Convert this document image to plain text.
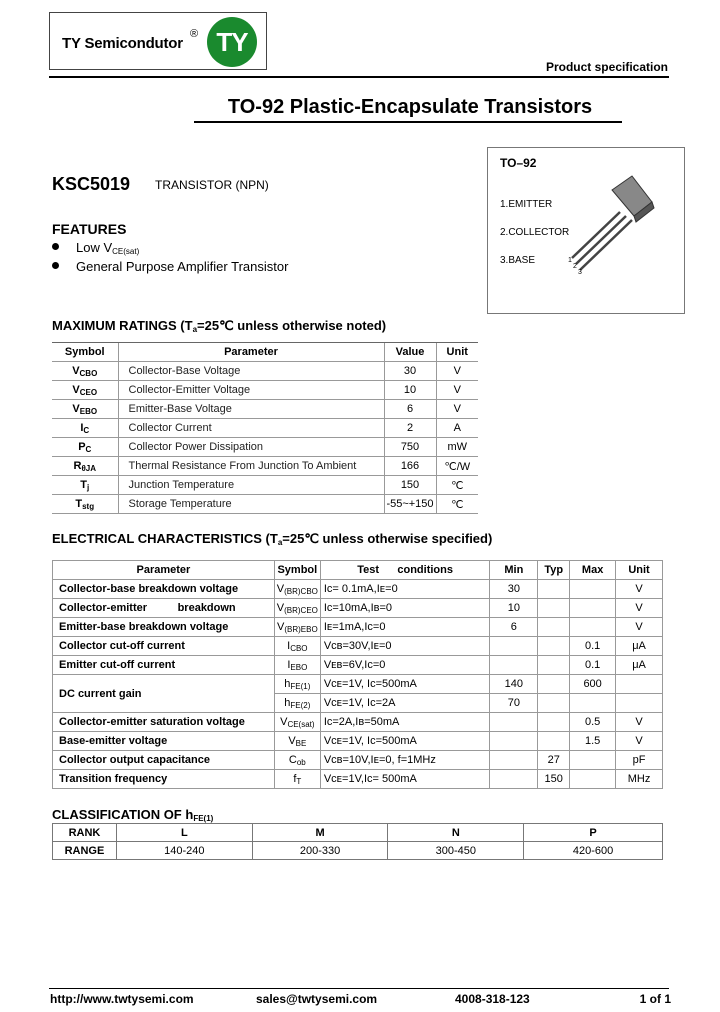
TY Semicondutor
® TY
Product specification
TO-92 Plastic-Encapsulate Transistors
KSC5019 TRANSISTOR (NPN)
FEATURES
Low $V_{CE(sat)}$
General Purpose Amplifier Transistor
TO–92
1.EMITTER
2.COLLECTOR
3.BASE	1
2
3
MAXIMUM RATINGS ($T_a=25℃$ unless otherwise noted)
Symbol	Parameter	Value	Unit
$V_{CBO}$	Collector-Base Voltage	30	V
$V_{CEO}$	Collector-Emitter Voltage	10	V
$V_{EBO}$	Emitter-Base Voltage	6	V
$I_C$	Collector Current	2	A
$P_C$	Collector Power Dissipation	750	mW
$R_{\theta JA}$	Thermal Resistance From Junction To Ambient	166	℃/W
$T_j$	Junction Temperature	150	℃
$T_{stg}$	Storage Temperature	-55~+150	℃
ELECTRICAL CHARACTERISTICS ($T_a=25℃$ unless otherwise specified)
Parameter	Symbol	Test      conditions	Min	Typ	Max	Unit
Collector-base breakdown voltage	$V_{(BR)CBO}$	Iᴄ= 0.1mA,Iᴇ=0	30			V
Collector-emitter          breakdown	$V_{(BR)CEO}$	Iᴄ=10mA,Iʙ=0	10			V
Emitter-base breakdown voltage	$V_{(BR)EBO}$	Iᴇ=1mA,Iᴄ=0	6			V
Collector cut-off current	$I_{CBO}$	Vᴄʙ=30V,Iᴇ=0			0.1	μA
Emitter cut-off current	$I_{EBO}$	Vᴇʙ=6V,Iᴄ=0			0.1	μA
DC current gain	$h_{FE(1)}$	Vᴄᴇ=1V, Iᴄ=500mA	140		600	
	$h_{FE(2)}$	Vᴄᴇ=1V, Iᴄ=2A	70			
Collector-emitter saturation voltage	$V_{CE(sat)}$	Iᴄ=2A,Iʙ=50mA			0.5	V
Base-emitter voltage	$V_{BE}$	Vᴄᴇ=1V, Iᴄ=500mA			1.5	V
Collector output capacitance	$C_{ob}$	Vᴄʙ=10V,Iᴇ=0, f=1MHz		27		pF
Transition frequency	$f_T$	Vᴄᴇ=1V,Iᴄ= 500mA		150		MHz
CLASSIFICATION OF $h_{FE(1)}$
RANK	L	M	N	P
RANGE	140-240	200-330	300-450	420-600
http://www.twtysemi.com	sales@twtysemi.com	4008-318-123	1 of 1
